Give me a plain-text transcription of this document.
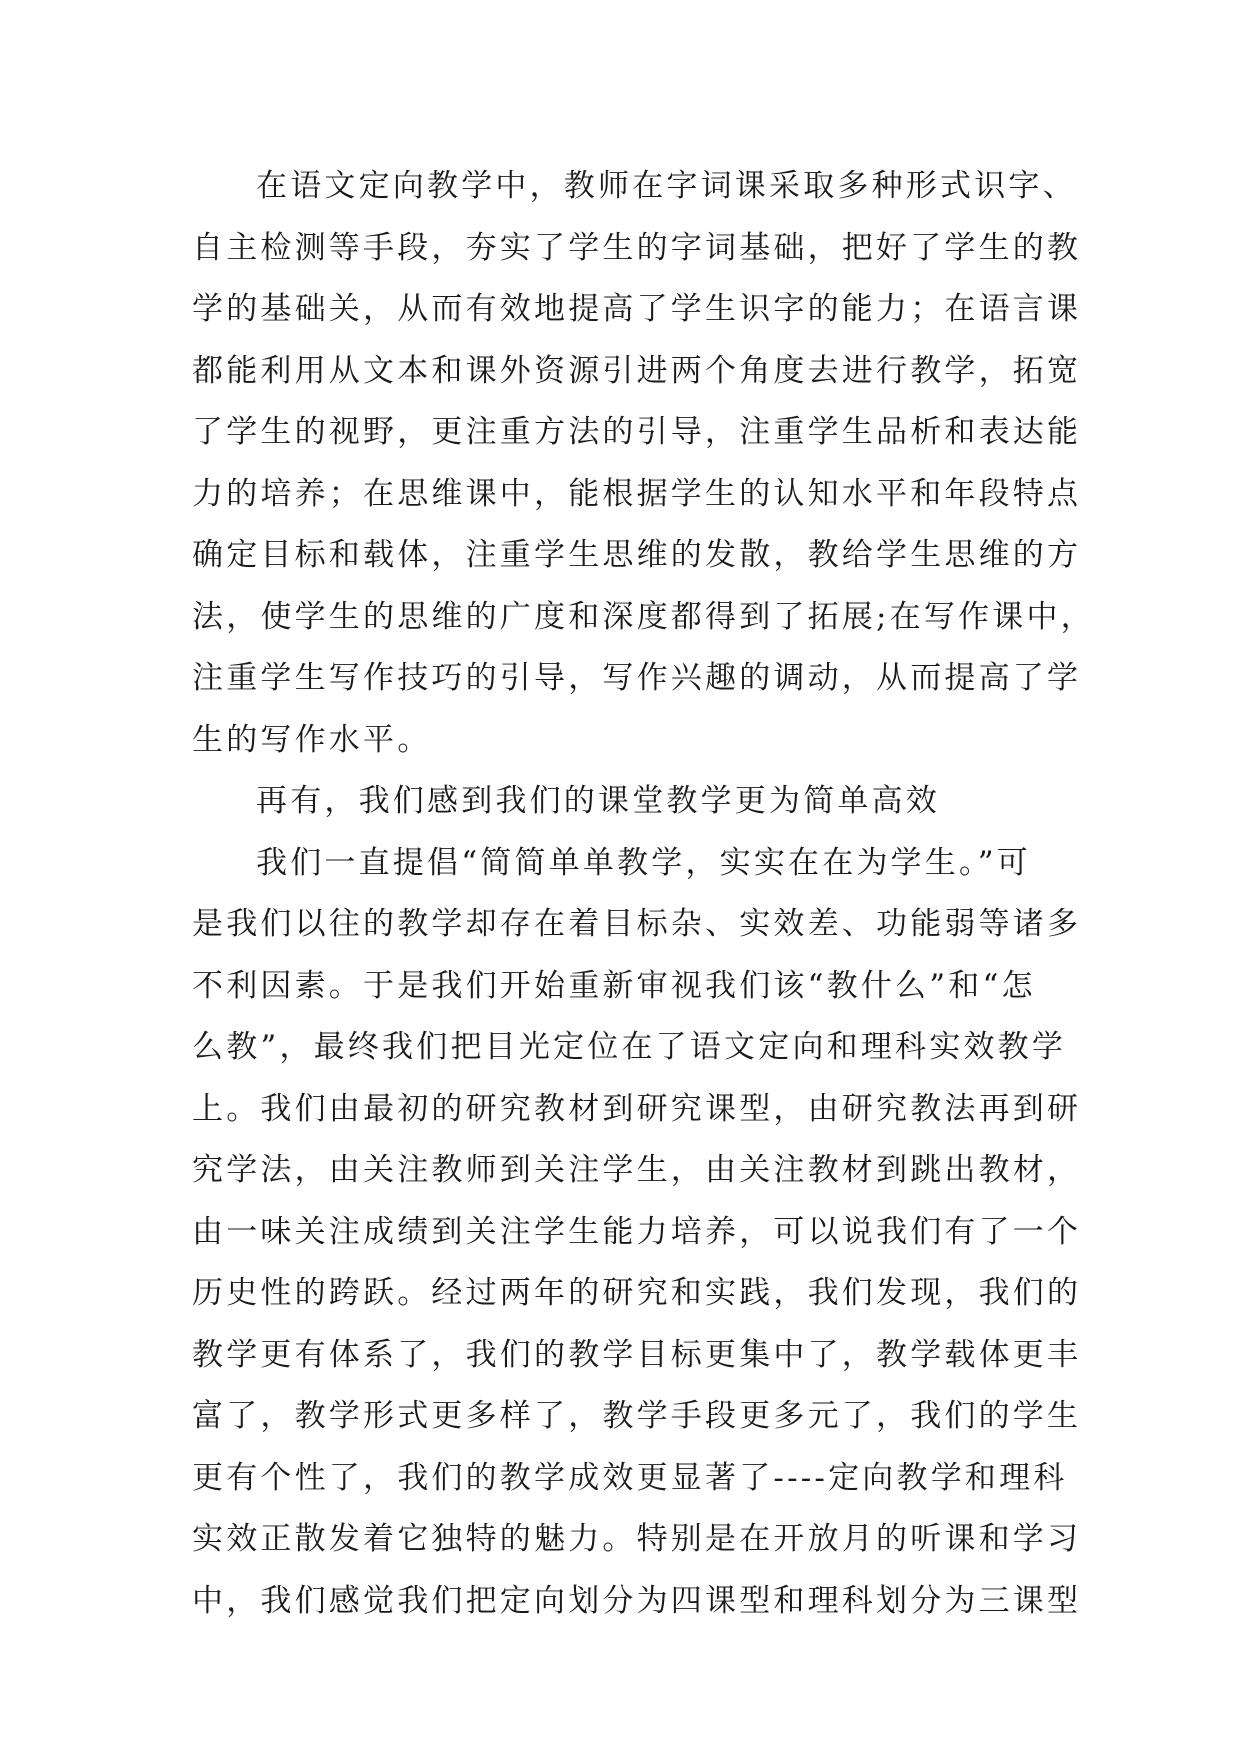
在语文定向教学中，教师在字词课采取多种形式识字、
自主检测等手段，夯实了学生的字词基础，把好了学生的教
学的基础关，从而有效地提高了学生识字的能力；在语言课
都能利用从文本和课外资源引进两个角度去进行教学，拓宽
了学生的视野，更注重方法的引导，注重学生品析和表达能
力的培养；在思维课中，能根据学生的认知水平和年段特点
确定目标和载体，注重学生思维的发散，教给学生思维的方
法，使学生的思维的广度和深度都得到了拓展;在写作课中，
注重学生写作技巧的引导，写作兴趣的调动，从而提高了学
生的写作水平。
再有，我们感到我们的课堂教学更为简单高效
我们一直提倡“简简单单教学，实实在在为学生。”可
是我们以往的教学却存在着目标杂、实效差、功能弱等诸多
不利因素。于是我们开始重新审视我们该“教什么”和“怎
么教”，最终我们把目光定位在了语文定向和理科实效教学
上。我们由最初的研究教材到研究课型，由研究教法再到研
究学法，由关注教师到关注学生，由关注教材到跳出教材，
由一味关注成绩到关注学生能力培养，可以说我们有了一个
历史性的跨跃。经过两年的研究和实践，我们发现，我们的
教学更有体系了，我们的教学目标更集中了，教学载体更丰
富了，教学形式更多样了，教学手段更多元了，我们的学生
更有个性了，我们的教学成效更显著了----定向教学和理科
实效正散发着它独特的魅力。特别是在开放月的听课和学习
中，我们感觉我们把定向划分为四课型和理科划分为三课型
